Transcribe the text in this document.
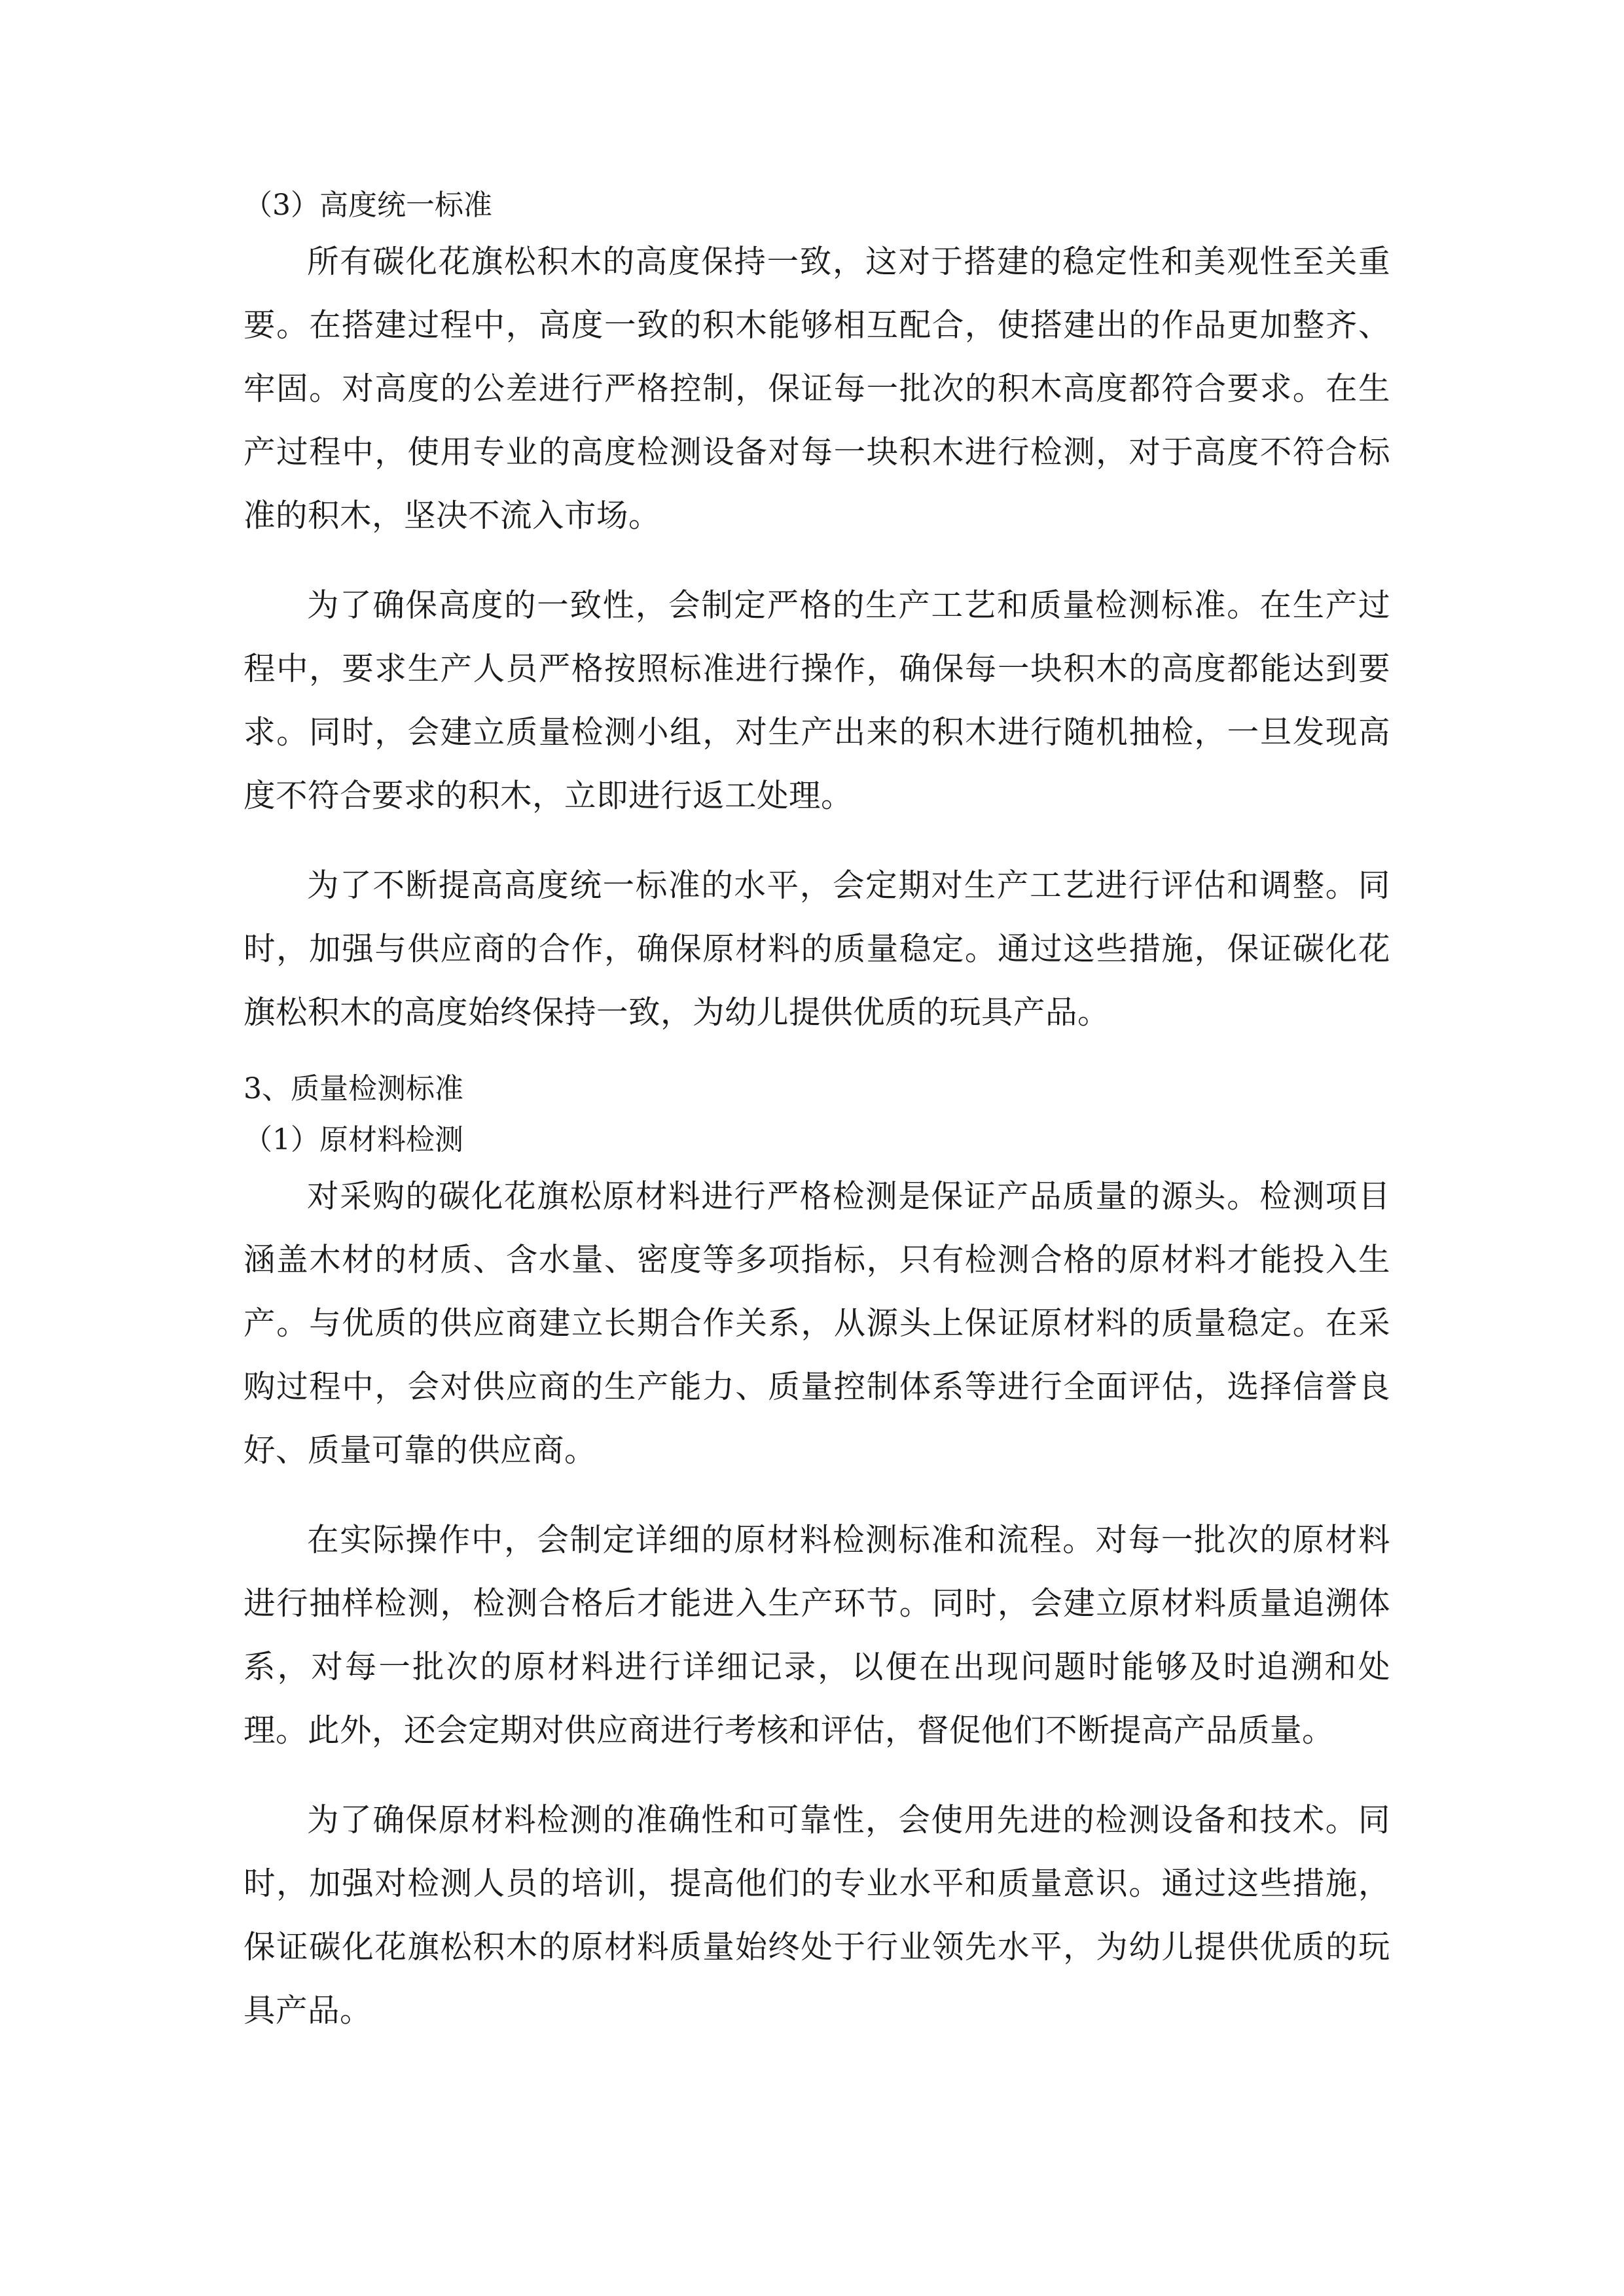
（3）高度统一标准

所有碳化花旗松积木的高度保持一致，这对于搭建的稳定性和美观性至关重要。在搭建过程中，高度一致的积木能够相互配合，使搭建出的作品更加整齐、牢固。对高度的公差进行严格控制，保证每一批次的积木高度都符合要求。在生产过程中，使用专业的高度检测设备对每一块积木进行检测，对于高度不符合标准的积木，坚决不流入市场。

为了确保高度的一致性，会制定严格的生产工艺和质量检测标准。在生产过程中，要求生产人员严格按照标准进行操作，确保每一块积木的高度都能达到要求。同时，会建立质量检测小组，对生产出来的积木进行随机抽检，一旦发现高度不符合要求的积木，立即进行返工处理。

为了不断提高高度统一标准的水平，会定期对生产工艺进行评估和调整。同时，加强与供应商的合作，确保原材料的质量稳定。通过这些措施，保证碳化花旗松积木的高度始终保持一致，为幼儿提供优质的玩具产品。

3、质量检测标准

（1）原材料检测

对采购的碳化花旗松原材料进行严格检测是保证产品质量的源头。检测项目涵盖木材的材质、含水量、密度等多项指标，只有检测合格的原材料才能投入生产。与优质的供应商建立长期合作关系，从源头上保证原材料的质量稳定。在采购过程中，会对供应商的生产能力、质量控制体系等进行全面评估，选择信誉良好、质量可靠的供应商。

在实际操作中，会制定详细的原材料检测标准和流程。对每一批次的原材料进行抽样检测，检测合格后才能进入生产环节。同时，会建立原材料质量追溯体系，对每一批次的原材料进行详细记录，以便在出现问题时能够及时追溯和处理。此外，还会定期对供应商进行考核和评估，督促他们不断提高产品质量。

为了确保原材料检测的准确性和可靠性，会使用先进的检测设备和技术。同时，加强对检测人员的培训，提高他们的专业水平和质量意识。通过这些措施，保证碳化花旗松积木的原材料质量始终处于行业领先水平，为幼儿提供优质的玩具产品。
